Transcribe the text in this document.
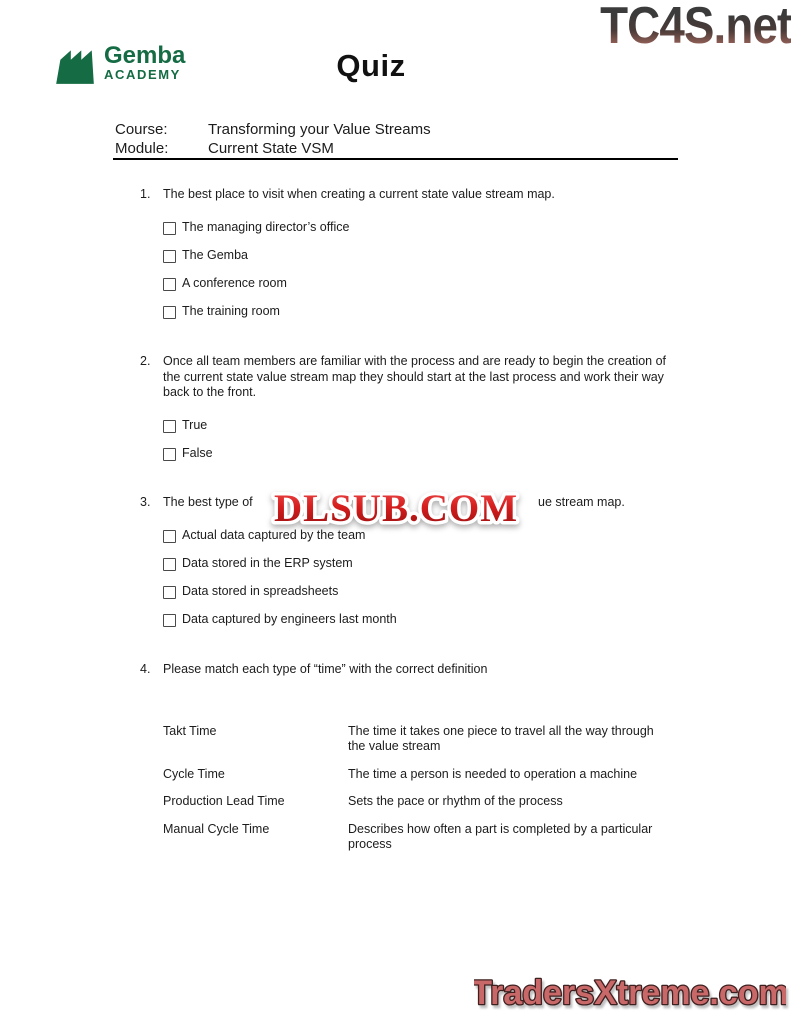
TC4S.net
Gemba
ACADEMY	Quiz
Course:	Transforming your Value Streams
Module:	Current State VSM
1.	The best place to visit when creating a current state value stream map.
The managing director’s office
The Gemba
A conference room
The training room
2.	Once all team members are familiar with the process and are ready to begin the creation of the current state value stream map they should start at the last process and work their way back to the front.
True
False
3.	The best type of	ue stream map.
Actual data captured by the team
Data stored in the ERP system
Data stored in spreadsheets
Data captured by engineers last month
4.	Please match each type of “time” with the correct definition
Takt Time	The time it takes one piece to travel all the way through the value stream
Cycle Time	The time a person is needed to operation a machine
Production Lead Time	Sets the pace or rhythm of the process
Manual Cycle Time	Describes how often a part is completed by a particular process
DLSUB.COM
TradersXtreme.com
